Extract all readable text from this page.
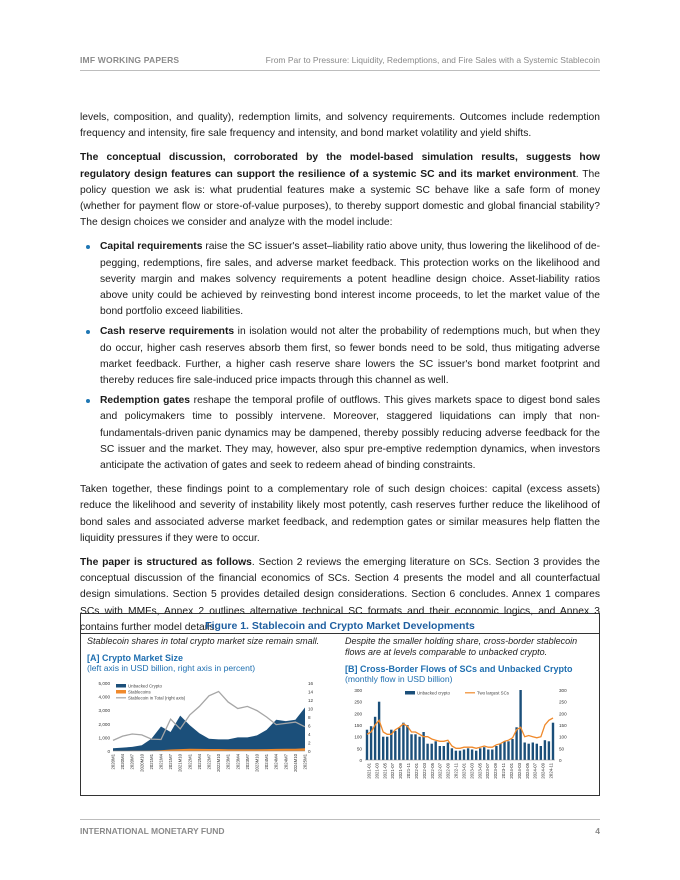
IMF WORKING PAPERS	From Par to Pressure: Liquidity, Redemptions, and Fire Sales with a Systemic Stablecoin

levels, composition, and quality), redemption limits, and solvency requirements. Outcomes include redemption frequency and intensity, fire sale frequency and intensity, and bond market volatility and yield shifts.

The conceptual discussion, corroborated by the model-based simulation results, suggests how regulatory design features can support the resilience of a systemic SC and its market environment. The policy question we ask is: what prudential features make a systemic SC behave like a safe form of money (whether for payment flow or store-of-value purposes), to thereby support domestic and global financial stability? The design choices we consider and analyze with the model include:

Capital requirements raise the SC issuer's asset–liability ratio above unity, thus lowering the likelihood of de-pegging, redemptions, fire sales, and adverse market feedback. This protection works on the likelihood and severity margin and makes solvency requirements a potent headline design choice. Asset-liability ratios above unity could be achieved by reinvesting bond interest income proceeds, to let the market value of the bond portfolio exceed liabilities.
Cash reserve requirements in isolation would not alter the probability of redemptions much, but when they do occur, higher cash reserves absorb them first, so fewer bonds need to be sold, thus mitigating adverse market feedback. Further, a higher cash reserve share lowers the SC issuer's bond market footprint and thereby reduces fire sale-induced price impacts through this channel as well.
Redemption gates reshape the temporal profile of outflows. This gives markets space to digest bond sales and policymakers time to possibly intervene. Moreover, staggered liquidations can imply that non-fundamentals-driven panic dynamics may be dampened, thereby possibly reducing adverse feedback for the SC issuer and the market. They may, however, also spur pre-emptive redemption dynamics, when investors anticipate the activation of gates and seek to redeem ahead of binding constraints.

Taken together, these findings point to a complementary role of such design choices: capital (excess assets) reduce the likelihood and severity of instability likely most potently, cash reserves further reduce the likelihood of bond sales and associated adverse market feedback, and redemption gates or similar measures help flatten the liquidity pressures if they were to occur.

The paper is structured as follows. Section 2 reviews the emerging literature on SCs. Section 3 provides the conceptual discussion of the financial economics of SCs. Section 4 presents the model and all counterfactual design simulations. Section 5 provides detailed design considerations. Section 6 concludes. Annex 1 compares SCs with MMFs, Annex 2 outlines alternative technical SC formats and their economic logics, and Annex 3 contains further model details.

Figure 1. Stablecoin and Crypto Market Developments
Stablecoin shares in total crypto market size remain small.
[A] Crypto Market Size
(left axis in USD billion, right axis in percent)
5,000
4,000
3,000
2,000
1,000
0
16
14
12
10
8
6
4
2
0
2020M1 2020M4 2020M7 2020M10 2021M1 2021M4 2021M7 2021M10 2022M1 2022M4 2022M7 2022M10 2023M1 2023M4 2023M7 2023M10 2024M1 2024M4 2024M7 2024M10 2025M1
Unbacked Crypto
Stablecoins
Stablecoin in Total (right axis)
Despite the smaller holding share, cross-border stablecoin flows are at levels comparable to unbacked crypto.
[B] Cross-Border Flows of SCs and Unbacked Crypto
(monthly flow in USD billion)
300	300
250	250
200	200
150	150
100	100
50	50
0	0
2021-01 2021-03 2021-05 2021-07 2021-09 2021-11 2022-01 2022-03 2022-05 2022-07 2022-09 2022-11 2023-01 2023-03 2023-05 2023-07 2023-09 2023-11 2024-01 2024-03 2024-05 2024-07 2024-09 2024-11
Unbacked crypto	Two largest SCs
INTERNATIONAL MONETARY FUND	4
